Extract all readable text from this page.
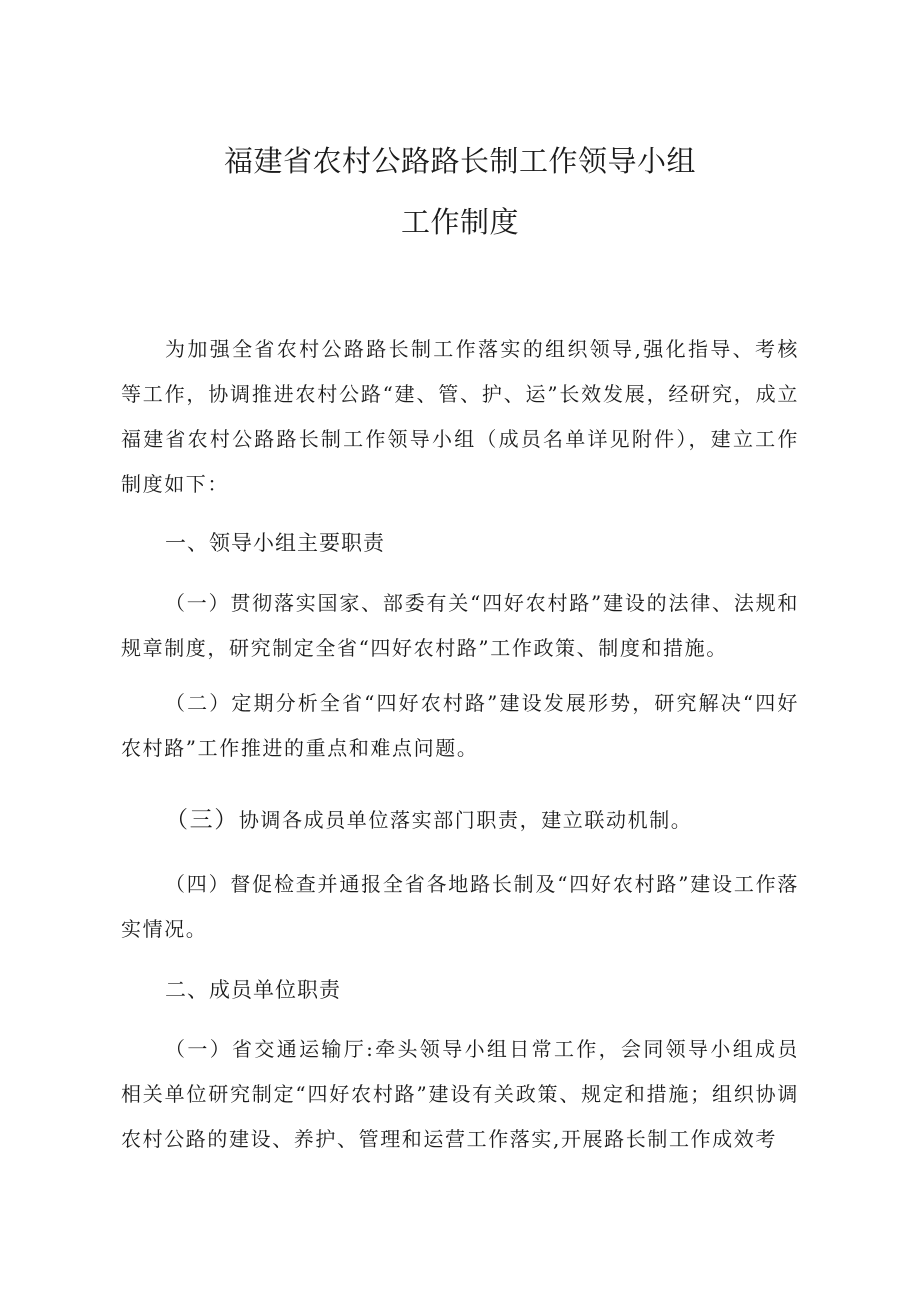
福建省农村公路路长制工作领导小组
工作制度

为加强全省农村公路路长制工作落实的组织领导,强化指导、考核等工作，协调推进农村公路“建、管、护、运”长效发展，经研究，成立福建省农村公路路长制工作领导小组（成员名单详见附件），建立工作制度如下：

一、领导小组主要职责

（一）贯彻落实国家、部委有关“四好农村路”建设的法律、法规和规章制度，研究制定全省“四好农村路”工作政策、制度和措施。

（二）定期分析全省“四好农村路”建设发展形势，研究解决“四好农村路”工作推进的重点和难点问题。

（三）协调各成员单位落实部门职责，建立联动机制。

（四）督促检查并通报全省各地路长制及“四好农村路”建设工作落实情况。

二、成员单位职责

（一）省交通运输厅:牵头领导小组日常工作，会同领导小组成员相关单位研究制定“四好农村路”建设有关政策、规定和措施；组织协调农村公路的建设、养护、管理和运营工作落实,开展路长制工作成效考
